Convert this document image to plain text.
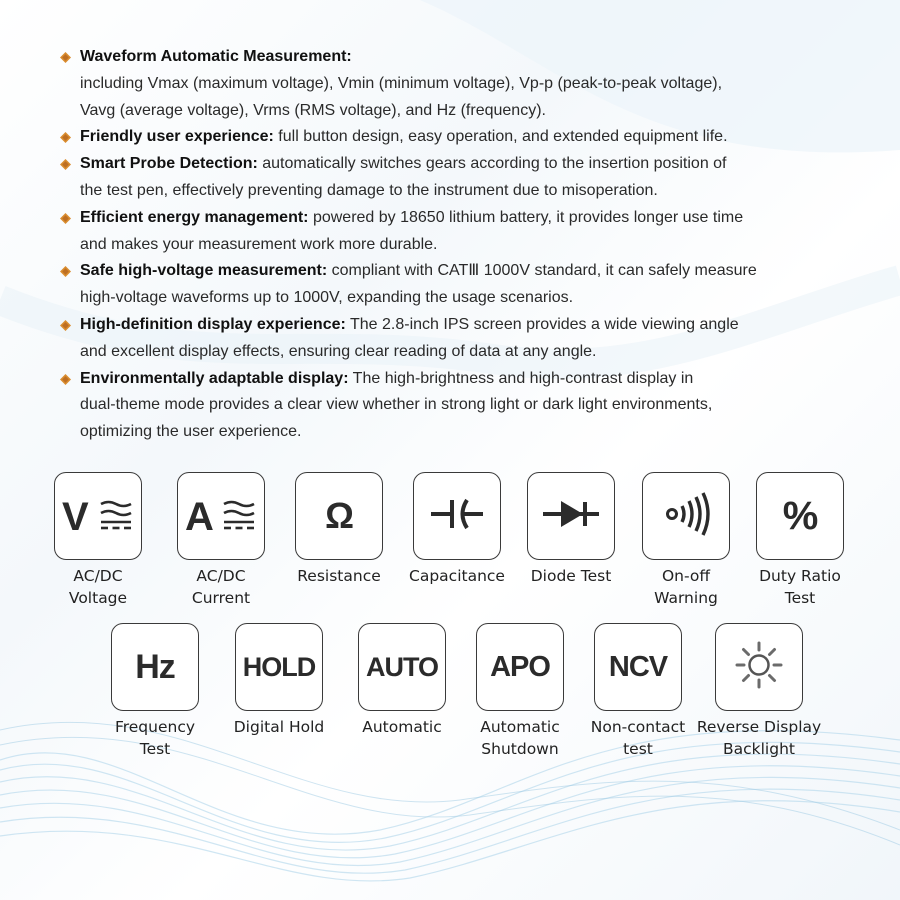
Waveform Automatic Measurement:
including Vmax (maximum voltage), Vmin (minimum voltage), Vp-p (peak-to-peak voltage),
Vavg (average voltage), Vrms (RMS voltage), and Hz (frequency).
Friendly user experience: full button design, easy operation, and extended equipment life.
Smart Probe Detection: automatically switches gears according to the insertion position of
the test pen, effectively preventing damage to the instrument due to misoperation.
Efficient energy management: powered by 18650 lithium battery, it provides longer use time
and makes your measurement work more durable.
Safe high-voltage measurement: compliant with CATⅢ 1000V standard, it can safely measure
high-voltage waveforms up to 1000V, expanding the usage scenarios.
High-definition display experience: The 2.8-inch IPS screen provides a wide viewing angle
and excellent display effects, ensuring clear reading of data at any angle.
Environmentally adaptable display: The high-brightness and high-contrast display in
dual-theme mode provides a clear view whether in strong light or dark light environments,
optimizing the user experience.
V
AC/DC
Voltage
A
AC/DC
Current
Ω
Resistance	Capacitance	Diode Test	On-off
Warning
%
Duty Ratio
Test
Hz
Frequency
Test
HOLD
Digital Hold
AUTO
Automatic
APO
Automatic
Shutdown
NCV
Non-contact
test
Reverse Display
Backlight
